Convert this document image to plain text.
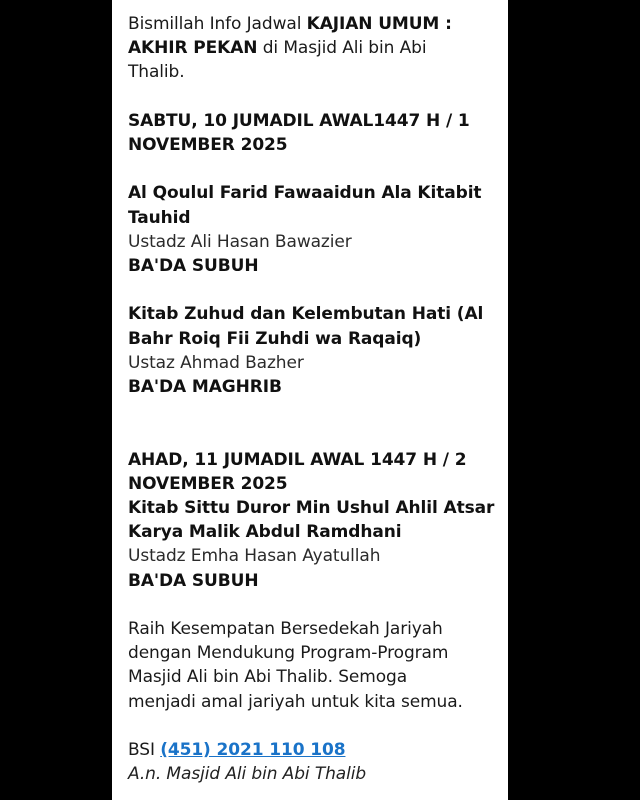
Bismillah Info Jadwal KAJIAN UMUM :
AKHIR PEKAN di Masjid Ali bin Abi
Thalib.
SABTU, 10 JUMADIL AWAL1447 H / 1
NOVEMBER 2025
Al Qoulul Farid Fawaaidun Ala Kitabit
Tauhid
Ustadz Ali Hasan Bawazier
BA'DA SUBUH
Kitab Zuhud dan Kelembutan Hati (Al
Bahr Roiq Fii Zuhdi wa Raqaiq)
Ustaz Ahmad Bazher
BA'DA MAGHRIB
AHAD, 11 JUMADIL AWAL 1447 H / 2
NOVEMBER 2025
Kitab Sittu Duror Min Ushul Ahlil Atsar
Karya Malik Abdul Ramdhani
Ustadz Emha Hasan Ayatullah
BA'DA SUBUH
Raih Kesempatan Bersedekah Jariyah
dengan Mendukung Program-Program
Masjid Ali bin Abi Thalib. Semoga
menjadi amal jariyah untuk kita semua.
BSI (451) 2021 110 108
A.n. Masjid Ali bin Abi Thalib
